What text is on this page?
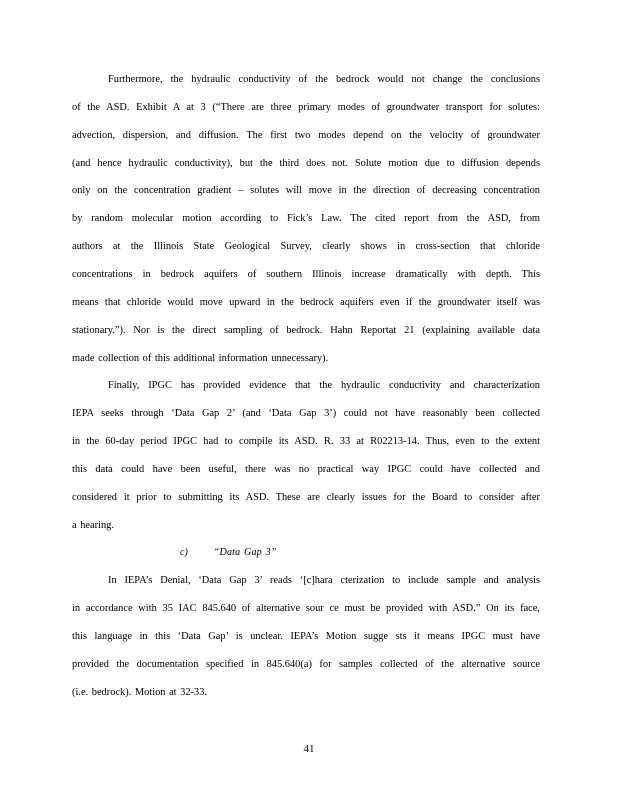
Furthermore, the hydraulic conductivity of the bedrock would not change the conclusions
of the ASD. Exhibit A at 3 (“There are three primary modes of groundwater transport for solutes:
advection, dispersion, and diffusion. The first two modes depend on the velocity of groundwater
(and hence hydraulic conductivity), but the third does not. Solute motion due to diffusion depends
only on the concentration gradient – solutes will move in the direction of decreasing concentration
by random molecular motion according to Fick’s Law. The cited report from the ASD, from
authors at the Illinois State Geological Survey, clearly shows in cross-section that chloride
concentrations in bedrock aquifers of southern Illinois increase dramatically with depth. This
means that chloride would move upward in the bedrock aquifers even if the groundwater itself was
stationary.”). Nor is the direct sampling of bedrock. Hahn Reportat 21 (explaining available data
made collection of this additional information unnecessary).
Finally, IPGC has provided evidence that the hydraulic conductivity and characterization
IEPA seeks through ‘Data Gap 2’ (and ‘Data Gap 3’) could not have reasonably been collected
in the 60-day period IPGC had to compile its ASD. R. 33 at R02213-14. Thus, even to the extent
this data could have been useful, there was no practical way IPGC could have collected and
considered it prior to submitting its ASD. These are clearly issues for the Board to consider after
a hearing.
c)	“Data Gap 3”
In IEPA’s Denial, ‘Data Gap 3’ reads ‘[c]hara cterization to include sample and analysis
in accordance with 35 IAC 845.640 of alternative sour ce must be provided with ASD.” On its face,
this language in this ‘Data Gap’ is unclear. IEPA’s Motion sugge sts it means IPGC must have
provided the documentation specified in 845.640(a) for samples collected of the alternative source
(i.e. bedrock). Motion at 32-33.
41
